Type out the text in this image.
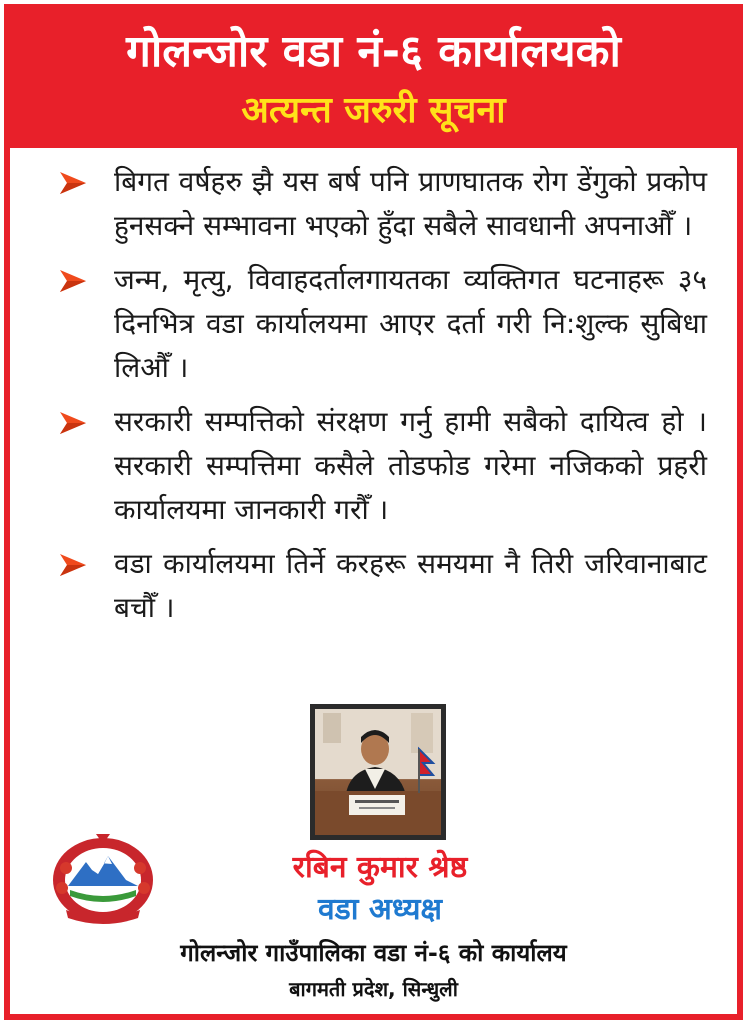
गोलन्जोर वडा नं-६ कार्यालयको
अत्यन्त जरुरी सूचना

बिगत वर्षहरु झै यस बर्ष पनि प्राणघातक रोग डेंगुको प्रकोप हुनसक्ने सम्भावना भएको हुँदा सबैले सावधानी अपनाऔँ ।

जन्म, मृत्यु, विवाहदर्तालगायतका व्यक्तिगत घटनाहरू ३५ दिनभित्र वडा कार्यालयमा आएर दर्ता गरी नि:शुल्क सुबिधा लिऔँ ।

सरकारी सम्पत्तिको संरक्षण गर्नु हामी सबैको दायित्व हो । सरकारी सम्पत्तिमा कसैले तोडफोड गरेमा नजिकको प्रहरी कार्यालयमा जानकारी गरौँ ।

वडा कार्यालयमा तिर्ने करहरू समयमा नै तिरी जरिवानाबाट बचौँ ।

रबिन कुमार श्रेष्ठ
वडा अध्यक्ष
गोलन्जोर गाउँपालिका वडा नं-६ को कार्यालय
बागमती प्रदेश, सिन्धुली
